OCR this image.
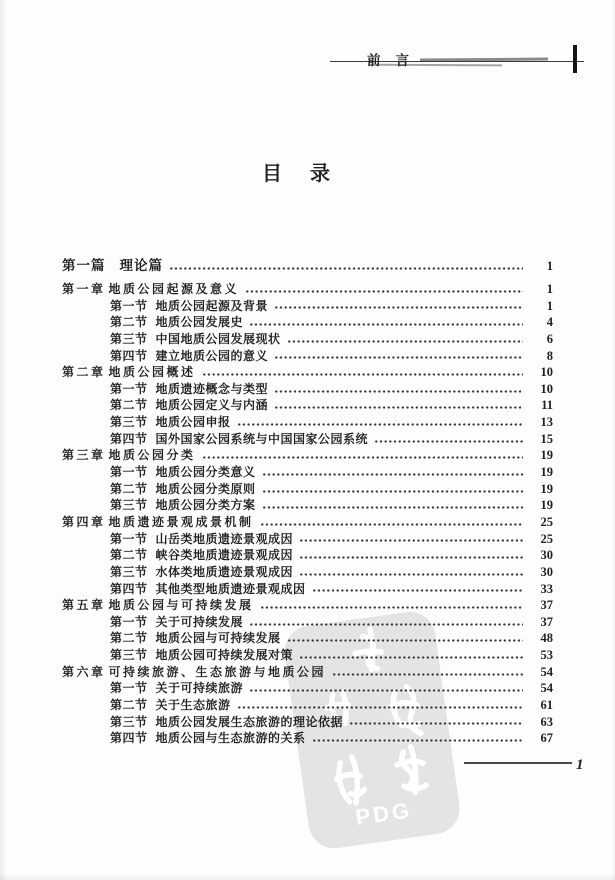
PDG
前言
目录
第一篇 理论篇	1
第一章 地质公园起源及意义	1
第一节 地质公园起源及背景	1
第二节 地质公园发展史	4
第三节 中国地质公园发展现状	6
第四节 建立地质公园的意义	8
第二章 地质公园概述	10
第一节 地质遗迹概念与类型	10
第二节 地质公园定义与内涵	11
第三节 地质公园申报	13
第四节 国外国家公园系统与中国国家公园系统	15
第三章 地质公园分类	19
第一节 地质公园分类意义	19
第二节 地质公园分类原则	19
第三节 地质公园分类方案	19
第四章 地质遗迹景观成景机制	25
第一节 山岳类地质遗迹景观成因	25
第二节 峡谷类地质遗迹景观成因	30
第三节 水体类地质遗迹景观成因	30
第四节 其他类型地质遗迹景观成因	33
第五章 地质公园与可持续发展	37
第一节 关于可持续发展	37
第二节 地质公园与可持续发展	48
第三节 地质公园可持续发展对策	53
第六章 可持续旅游、生态旅游与地质公园	54
第一节 关于可持续旅游	54
第二节 关于生态旅游	61
第三节 地质公园发展生态旅游的理论依据	63
第四节 地质公园与生态旅游的关系	67
1
